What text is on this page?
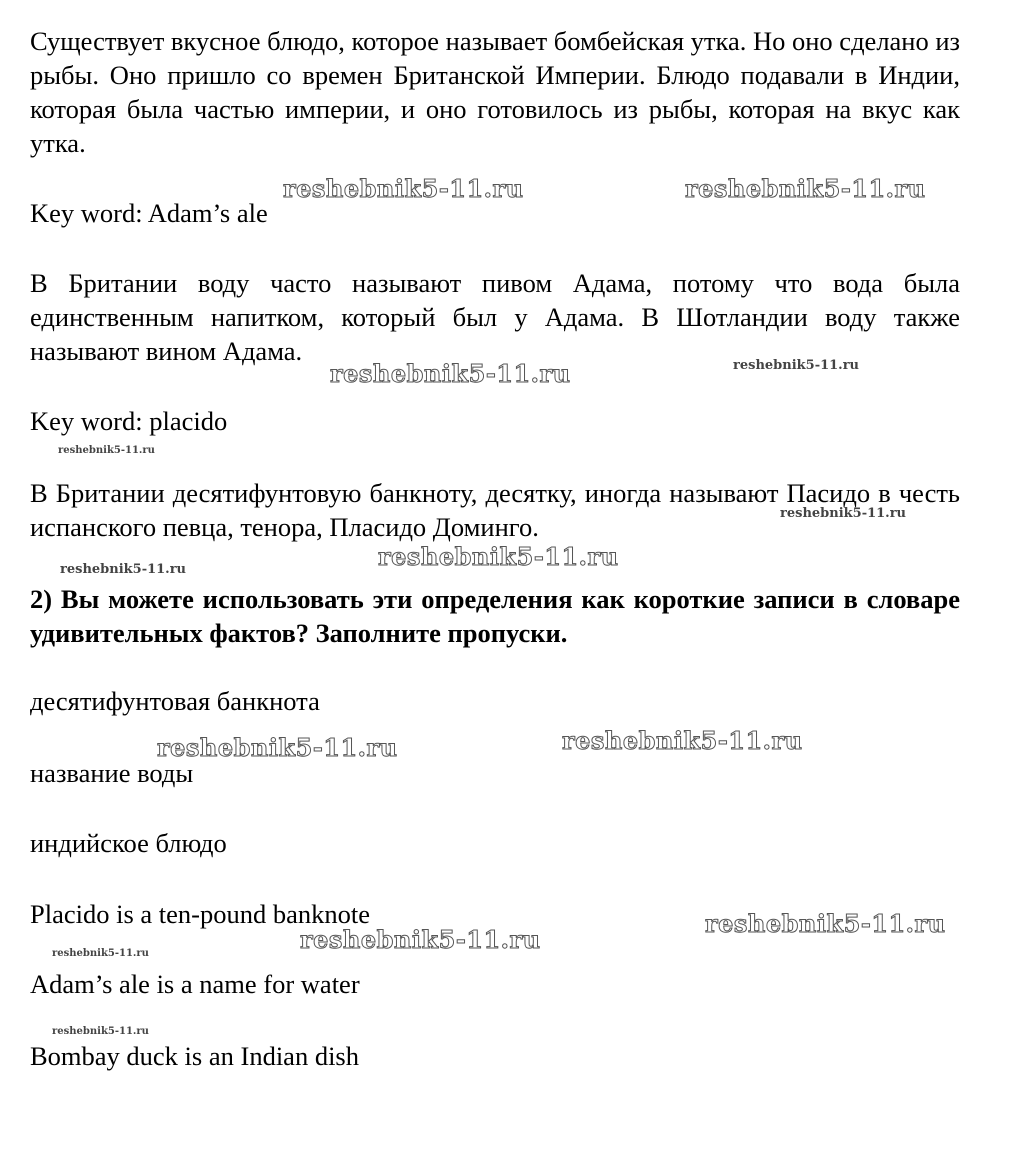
Существует вкусное блюдо, которое называет бомбейская утка. Но оно сделано из рыбы. Оно пришло со времен Британской Империи. Блюдо подавали в Индии, которая была частью империи, и оно готовилось из рыбы, которая на вкус как утка.
reshebnik5-11.ru	reshebnik5-11.ru
Key word: Adam’s ale
В Британии воду часто называют пивом Адама, потому что вода была единственным напитком, который был у Адама. В Шотландии воду также называют вином Адама.
reshebnik5-11.ru	reshebnik5-11.ru
Key word: placido
reshebnik5-11.ru
В Британии десятифунтовую банкноту, десятку, иногда называют Пасидо в честь испанского певца, тенора, Пласидо Доминго.	reshebnik5-11.ru
reshebnik5-11.ru
reshebnik5-11.ru
2) Вы можете использовать эти определения как короткие записи в словаре удивительных фактов? Заполните пропуски.
десятифунтовая банкнота
reshebnik5-11.ru	reshebnik5-11.ru
название воды
индийское блюдо
Placido is a ten-pound banknote	reshebnik5-11.ru
reshebnik5-11.ru
reshebnik5-11.ru
Adam’s ale is a name for water
reshebnik5-11.ru
Bombay duck is an Indian dish
